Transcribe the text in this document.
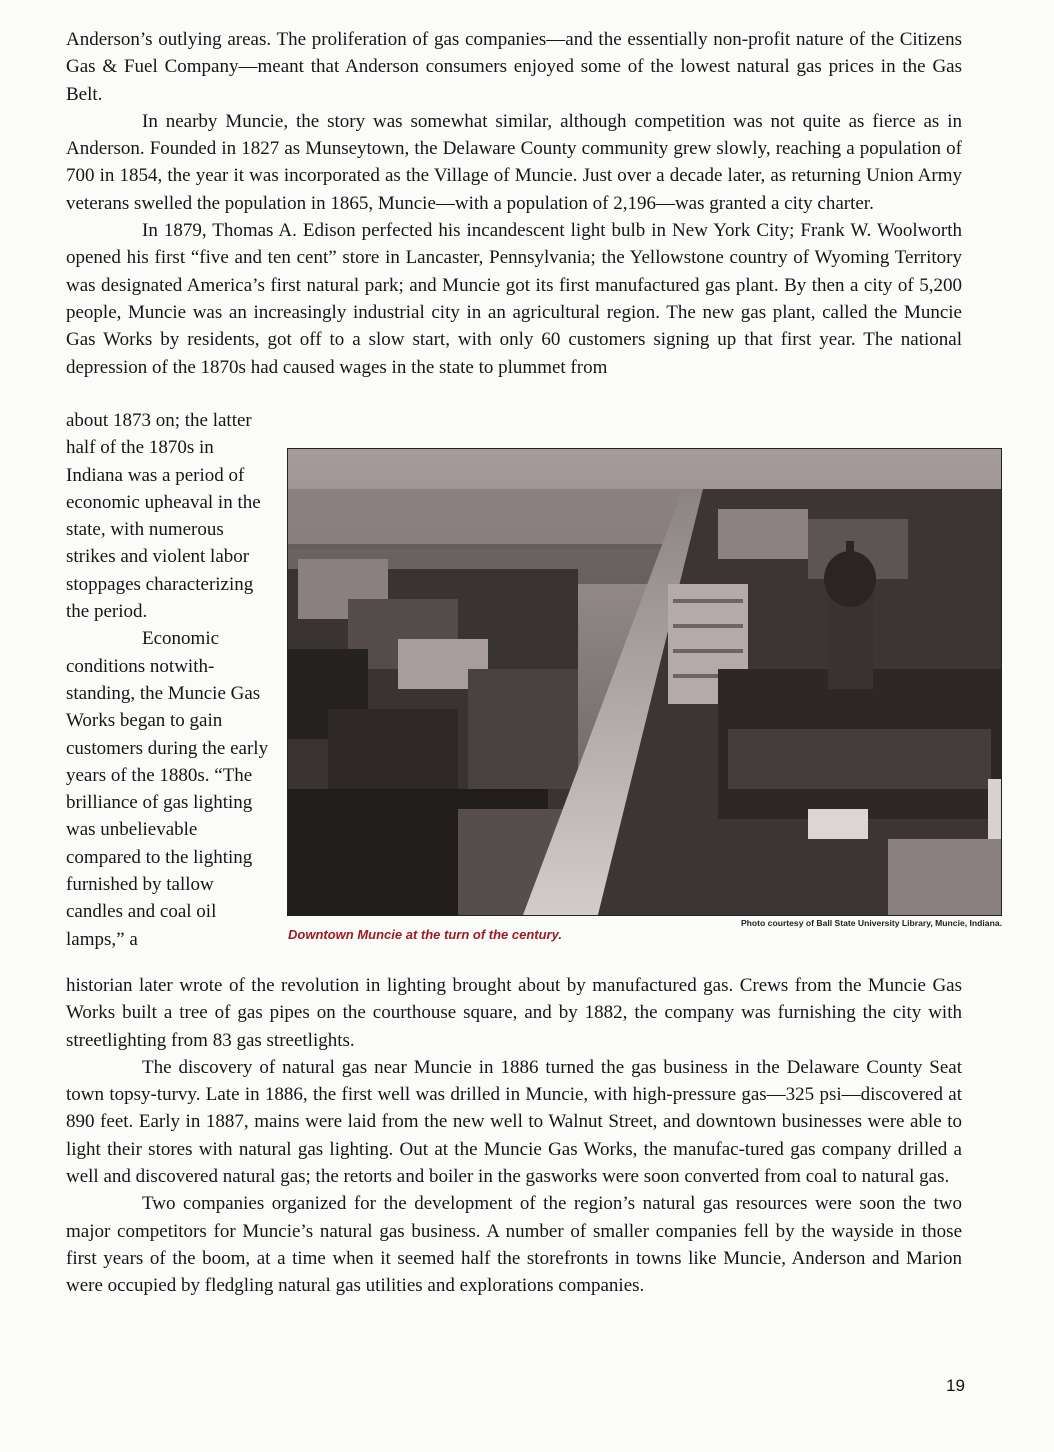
Anderson’s outlying areas. The proliferation of gas companies—and the essentially non-profit nature of the Citizens Gas & Fuel Company—meant that Anderson consumers enjoyed some of the lowest natural gas prices in the Gas Belt.

In nearby Muncie, the story was somewhat similar, although competition was not quite as fierce as in Anderson. Founded in 1827 as Munseytown, the Delaware County community grew slowly, reaching a population of 700 in 1854, the year it was incorporated as the Village of Muncie. Just over a decade later, as returning Union Army veterans swelled the population in 1865, Muncie—with a population of 2,196—was granted a city charter.

In 1879, Thomas A. Edison perfected his incandescent light bulb in New York City; Frank W. Woolworth opened his first “five and ten cent” store in Lancaster, Pennsylvania; the Yellowstone country of Wyoming Territory was designated America’s first natural park; and Muncie got its first manufactured gas plant. By then a city of 5,200 people, Muncie was an increasingly industrial city in an agricultural region. The new gas plant, called the Muncie Gas Works by residents, got off to a slow start, with only 60 customers signing up that first year. The national depression of the 1870s had caused wages in the state to plummet from

about 1873 on; the latter half of the 1870s in Indiana was a period of economic upheaval in the state, with numerous strikes and violent labor stoppages characterizing the period.

Economic conditions notwith-standing, the Muncie Gas Works began to gain customers during the early years of the 1880s. “The brilliance of gas lighting was unbelievable compared to the lighting furnished by tallow candles and coal oil lamps,” a

Photo courtesy of Ball State University Library, Muncie, Indiana.
Downtown Muncie at the turn of the century.

historian later wrote of the revolution in lighting brought about by manufactured gas. Crews from the Muncie Gas Works built a tree of gas pipes on the courthouse square, and by 1882, the company was furnishing the city with streetlighting from 83 gas streetlights.

The discovery of natural gas near Muncie in 1886 turned the gas business in the Delaware County Seat town topsy-turvy. Late in 1886, the first well was drilled in Muncie, with high-pressure gas—325 psi—discovered at 890 feet. Early in 1887, mains were laid from the new well to Walnut Street, and downtown businesses were able to light their stores with natural gas lighting. Out at the Muncie Gas Works, the manufac-tured gas company drilled a well and discovered natural gas; the retorts and boiler in the gasworks were soon converted from coal to natural gas.

Two companies organized for the development of the region’s natural gas resources were soon the two major competitors for Muncie’s natural gas business. A number of smaller companies fell by the wayside in those first years of the boom, at a time when it seemed half the storefronts in towns like Muncie, Anderson and Marion were occupied by fledgling natural gas utilities and explorations companies.

19
